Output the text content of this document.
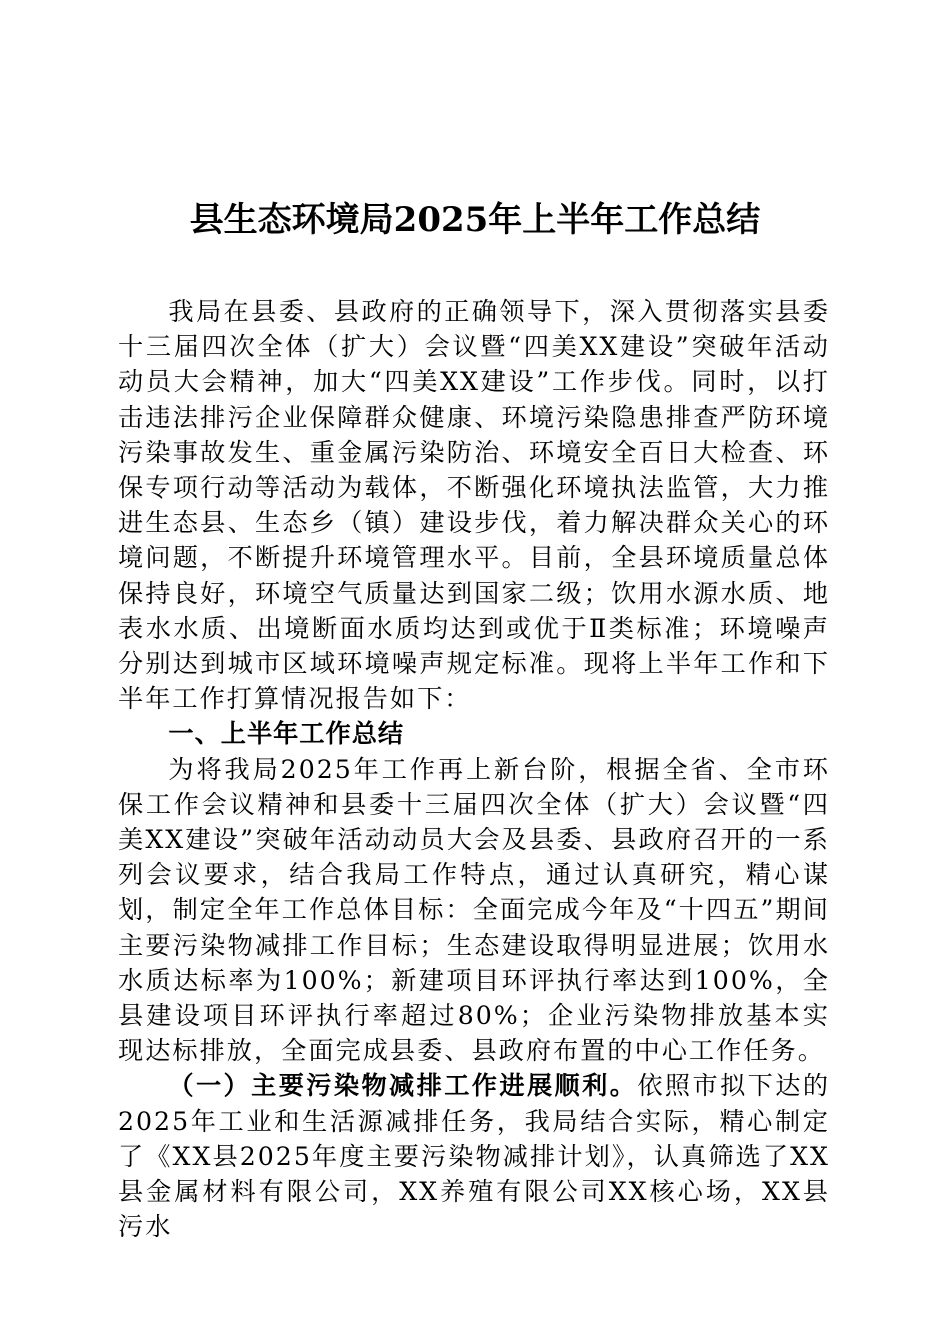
县生态环境局2025年上半年工作总结

我局在县委、县政府的正确领导下，深入贯彻落实县委十三届四次全体（扩大）会议暨“四美XX建设”突破年活动动员大会精神，加大“四美XX建设”工作步伐。同时，以打击违法排污企业保障群众健康、环境污染隐患排查严防环境污染事故发生、重金属污染防治、环境安全百日大检查、环保专项行动等活动为载体，不断强化环境执法监管，大力推进生态县、生态乡（镇）建设步伐，着力解决群众关心的环境问题，不断提升环境管理水平。目前，全县环境质量总体保持良好，环境空气质量达到国家二级；饮用水源水质、地表水水质、出境断面水质均达到或优于Ⅱ类标准；环境噪声分别达到城市区域环境噪声规定标准。现将上半年工作和下半年工作打算情况报告如下：

一、上半年工作总结

为将我局2025年工作再上新台阶，根据全省、全市环保工作会议精神和县委十三届四次全体（扩大）会议暨“四美XX建设”突破年活动动员大会及县委、县政府召开的一系列会议要求，结合我局工作特点，通过认真研究，精心谋划，制定全年工作总体目标：全面完成今年及“十四五”期间主要污染物减排工作目标；生态建设取得明显进展；饮用水水质达标率为100%；新建项目环评执行率达到100%，全县建设项目环评执行率超过80%；企业污染物排放基本实现达标排放，全面完成县委、县政府布置的中心工作任务。

（一）主要污染物减排工作进展顺利。依照市拟下达的2025年工业和生活源减排任务，我局结合实际，精心制定了《XX县2025年度主要污染物减排计划》，认真筛选了XX县金属材料有限公司，XX养殖有限公司XX核心场，XX县污水
